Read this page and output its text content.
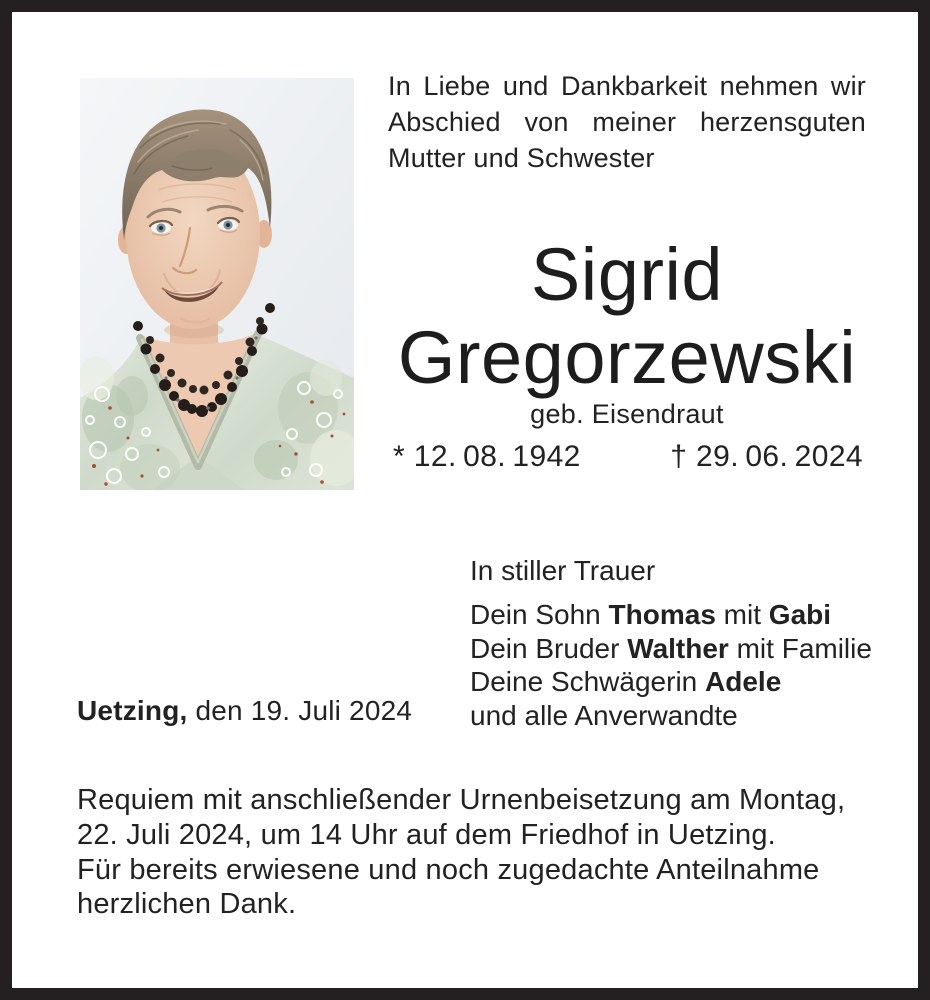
In Liebe und Dankbarkeit nehmen wir
Abschied von meiner herzensguten
Mutter und Schwester
Sigrid
Gregorzewski
geb. Eisendraut
* 12. 08. 1942	† 29. 06. 2024
In stiller Trauer
Dein Sohn Thomas mit Gabi
Dein Bruder Walther mit Familie
Deine Schwägerin Adele
und alle Anverwandte
Uetzing, den 19. Juli 2024
Requiem mit anschließender Urnenbeisetzung am Montag,
22. Juli 2024, um 14 Uhr auf dem Friedhof in Uetzing.
Für bereits erwiesene und noch zugedachte Anteilnahme
herzlichen Dank.
